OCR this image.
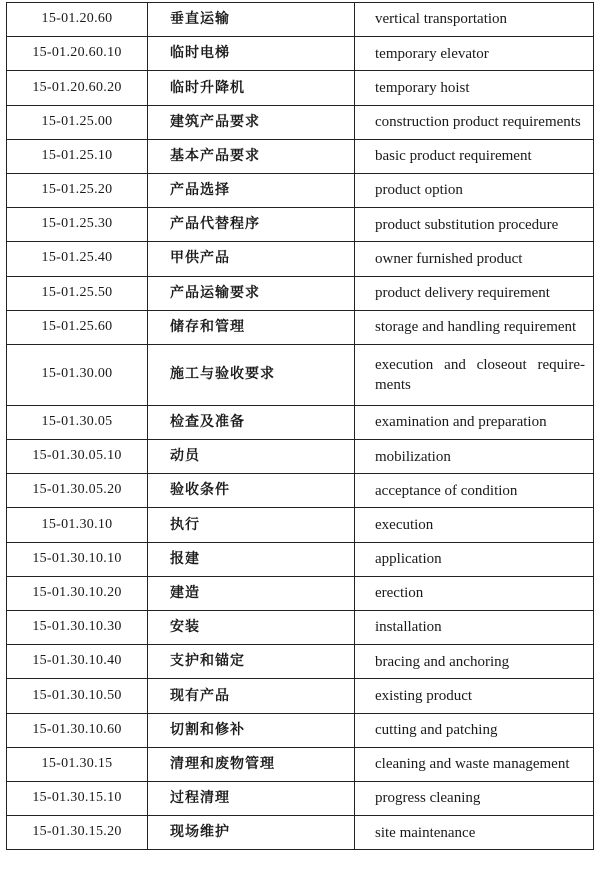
15-01.20.60	垂直运输	vertical transportation
15-01.20.60.10	临时电梯	temporary elevator
15-01.20.60.20	临时升降机	temporary hoist
15-01.25.00	建筑产品要求	construction product requirements
15-01.25.10	基本产品要求	basic product requirement
15-01.25.20	产品选择	product option
15-01.25.30	产品代替程序	product substitution procedure
15-01.25.40	甲供产品	owner furnished product
15-01.25.50	产品运输要求	product delivery requirement
15-01.25.60	储存和管理	storage and handling requirement
15-01.30.00	施工与验收要求	execution and closeout require-ments
15-01.30.05	检查及准备	examination and preparation
15-01.30.05.10	动员	mobilization
15-01.30.05.20	验收条件	acceptance of condition
15-01.30.10	执行	execution
15-01.30.10.10	报建	application
15-01.30.10.20	建造	erection
15-01.30.10.30	安装	installation
15-01.30.10.40	支护和锚定	bracing and anchoring
15-01.30.10.50	现有产品	existing product
15-01.30.10.60	切割和修补	cutting and patching
15-01.30.15	清理和废物管理	cleaning and waste management
15-01.30.15.10	过程清理	progress cleaning
15-01.30.15.20	现场维护	site maintenance
